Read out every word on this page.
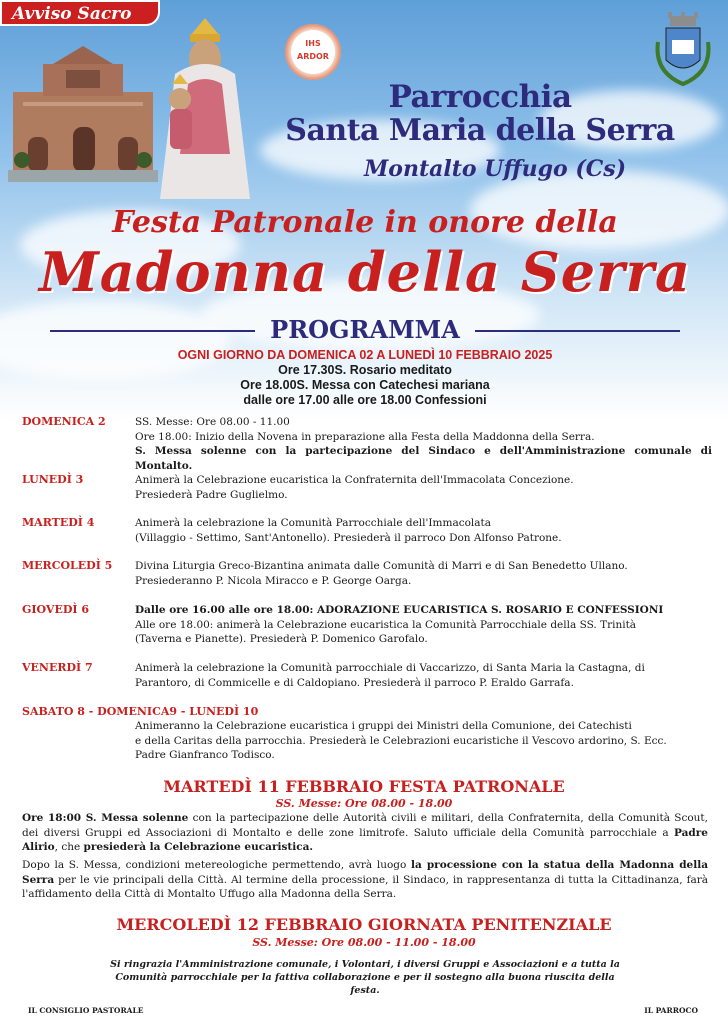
Avviso Sacro
IHS
ARDOR
Parrocchia
Santa Maria della Serra
Montalto Uffugo (Cs)
Festa Patronale in onore della
Madonna della Serra
PROGRAMMA
OGNI GIORNO DA DOMENICA 02 A LUNEDÌ 10 FEBBRAIO 2025
Ore 17.30S. Rosario meditato
Ore 18.00S. Messa con Catechesi mariana
dalle ore 17.00 alle ore 18.00 Confessioni
DOMENICA 2	SS. Messe: Ore 08.00 - 11.00
Ore 18.00: Inizio della Novena in preparazione alla Festa della Maddonna della Serra.
S. Messa solenne con la partecipazione del Sindaco e dell'Amministrazione comunale di Montalto.
LUNEDÌ 3	Animerà la Celebrazione eucaristica la Confraternita dell'Immacolata Concezione.
Presiederà Padre Guglielmo.
MARTEDÌ 4	Animerà la celebrazione la Comunità Parrocchiale dell'Immacolata
(Villaggio - Settimo, Sant'Antonello). Presiederà il parroco Don Alfonso Patrone.
MERCOLEDÌ 5	Divina Liturgia Greco-Bizantina animata dalle Comunità di Marri e di San Benedetto Ullano.
Presiederanno P. Nicola Miracco e P. George Oarga.
GIOVEDÌ 6	Dalle ore 16.00 alle ore 18.00: ADORAZIONE EUCARISTICA S. ROSARIO E CONFESSIONI
Alle ore 18.00: animerà la Celebrazione eucaristica la Comunità Parrocchiale della SS. Trinità
(Taverna e Pianette). Presiederà P. Domenico Garofalo.
VENERDÌ 7	Animerà la celebrazione la Comunità parrocchiale di Vaccarizzo, di Santa Maria la Castagna, di
Parantoro, di Commicelle e di Caldopiano. Presiederà il parroco P. Eraldo Garrafa.
SABATO 8 - DOMENICA9 - LUNEDÌ 10
Animeranno la Celebrazione eucaristica i gruppi dei Ministri della Comunione, dei Catechisti
e della Caritas della parrocchia. Presiederà le Celebrazioni eucaristiche il Vescovo ardorino, S. Ecc.
Padre Gianfranco Todisco.
MARTEDÌ 11 FEBBRAIO FESTA PATRONALE
SS. Messe: Ore 08.00 - 18.00
Ore 18:00 S. Messa solenne con la partecipazione delle Autorità civili e militari, della Confraternita, della Comunità Scout, dei diversi Gruppi ed Associazioni di Montalto e delle zone limitrofe. Saluto ufficiale della Comunità parrocchiale a Padre Alirio, che presiederà la Celebrazione eucaristica.
Dopo la S. Messa, condizioni metereologiche permettendo, avrà luogo la processione con la statua della Madonna della Serra per le vie principali della Città. Al termine della processione, il Sindaco, in rappresentanza di tutta la Cittadinanza, farà l'affidamento della Città di Montalto Uffugo alla Madonna della Serra.
MERCOLEDÌ 12 FEBBRAIO GIORNATA PENITENZIALE
SS. Messe: Ore 08.00 - 11.00 - 18.00
Si ringrazia l'Amministrazione comunale, i Volontari, i diversi Gruppi e Associazioni e a tutta la
Comunità parrocchiale per la fattiva collaborazione e per il sostegno alla buona riuscita della festa.
IL CONSIGLIO PASTORALE	IL PARROCO
